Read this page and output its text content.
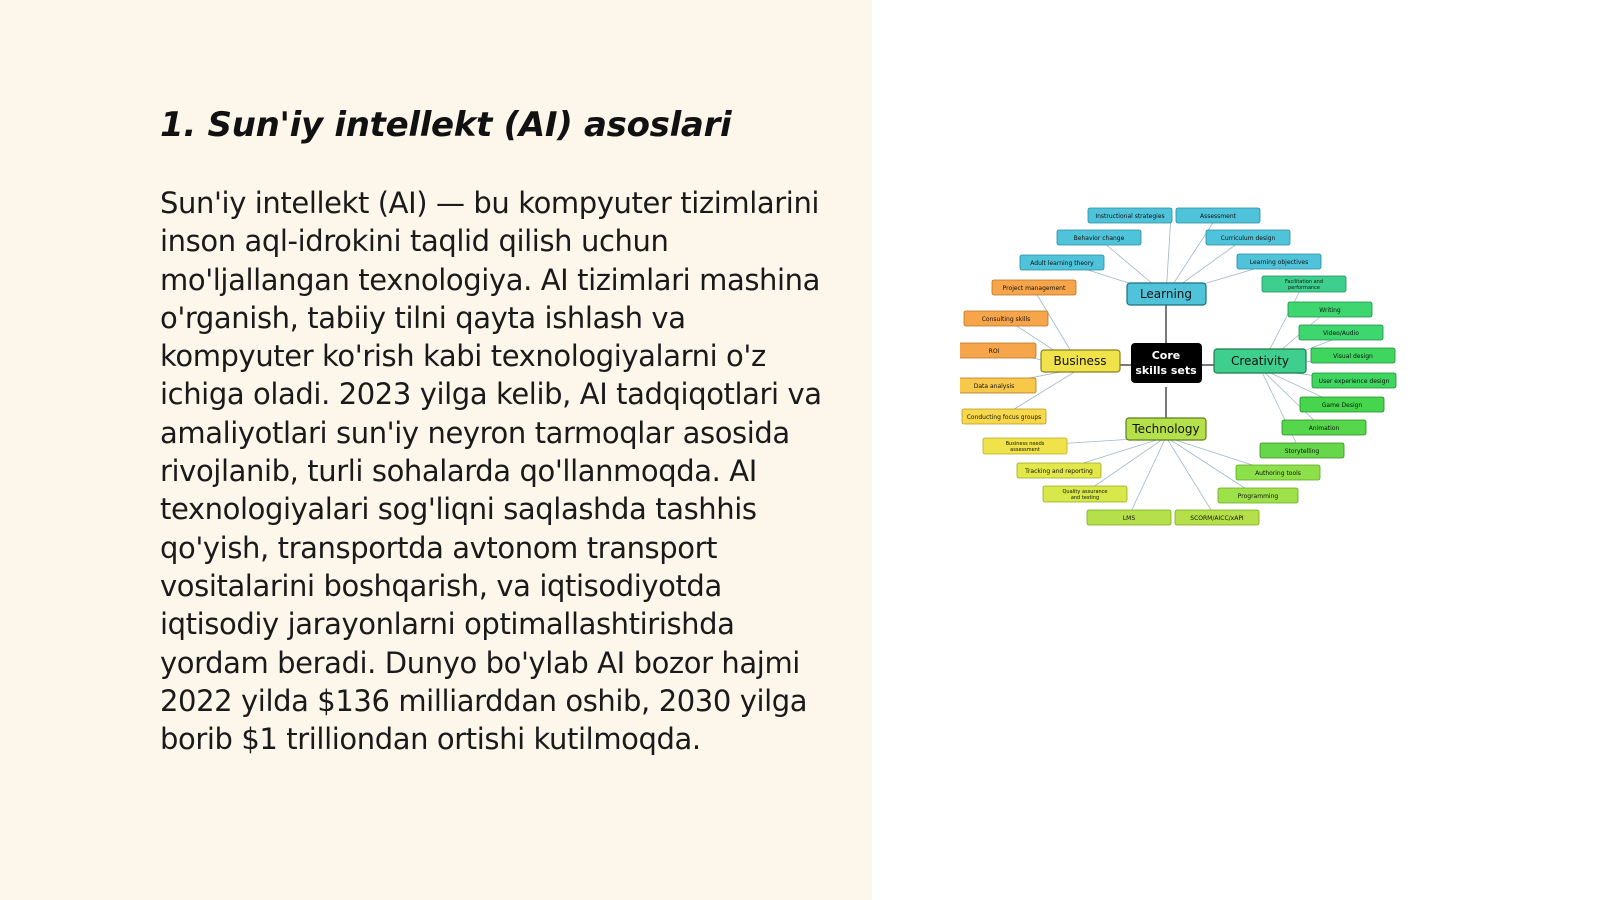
1. Sun'iy intellekt (AI) asoslari

Sun'iy intellekt (AI) — bu kompyuter tizimlarini inson aql-idrokini taqlid qilish uchun mo'ljallangan texnologiya. AI tizimlari mashina o'rganish, tabiiy tilni qayta ishlash va kompyuter ko'rish kabi texnologiyalarni o'z ichiga oladi. 2023 yilga kelib, AI tadqiqotlari va amaliyotlari sun'iy neyron tarmoqlar asosida rivojlanib, turli sohalarda qo'llanmoqda. AI texnologiyalari sog'liqni saqlashda tashhis qo'yish, transportda avtonom transport vositalarini boshqarish, va iqtisodiyotda iqtisodiy jarayonlarni optimallashtirishda yordam beradi. Dunyo bo'ylab AI bozor hajmi 2022 yilda $136 milliarddan oshib, 2030 yilga borib $1 trilliondan ortishi kutilmoqda.

Instructional strategies	Assessment
Behavior change	Curriculum design
Adult learning theory	Learning objectives
Project management
Consulting skills
ROI
Data analysis
Conducting focus groups
Business needs
assessment
Tracking and reporting
Quality assurance
and testing
LMS	SCORM/AICC/xAPI
Programming
Authoring tools
Facilitation and
performance
Writing
Video/Audio
Visual design
User experience design
Game Design
Animation
Storytelling
Learning
Business	Creativity
Technology
Core
skills sets
